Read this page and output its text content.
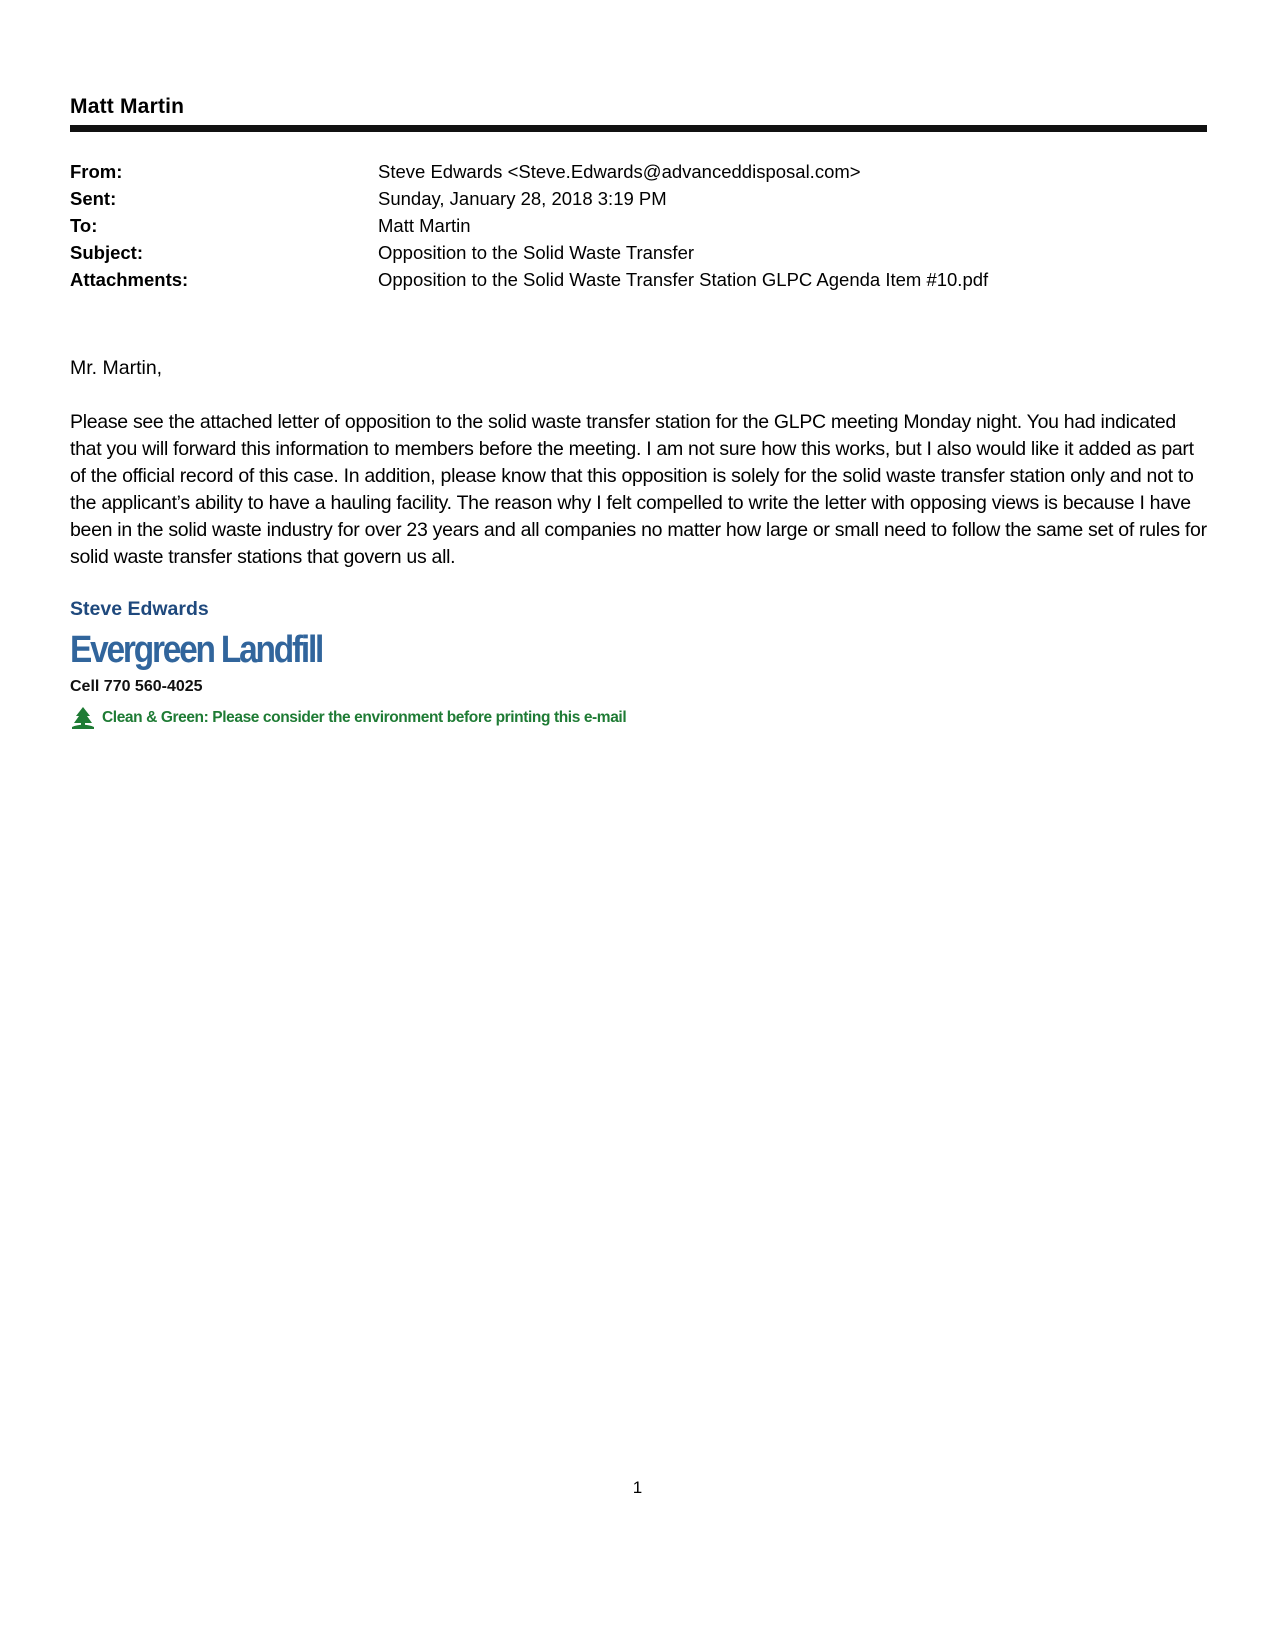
Matt Martin
From:	Steve Edwards <Steve.Edwards@advanceddisposal.com>
Sent:	Sunday, January 28, 2018 3:19 PM
To:	Matt Martin
Subject:	Opposition to the Solid Waste Transfer
Attachments:	Opposition to the Solid Waste Transfer Station GLPC Agenda Item #10.pdf
Mr. Martin,
Please see the attached letter of opposition to the solid waste transfer station for the GLPC meeting Monday night. You had indicated that you will forward this information to members before the meeting. I am not sure how this works, but I also would like it added as part of the official record of this case. In addition, please know that this opposition is solely for the solid waste transfer station only and not to the applicant’s ability to have a hauling facility. The reason why I felt compelled to write the letter with opposing views is because I have been in the solid waste industry for over 23 years and all companies no matter how large or small need to follow the same set of rules for solid waste transfer stations that govern us all.
Steve Edwards
Evergreen Landfill
Cell 770 560-4025
Clean & Green: Please consider the environment before printing this e-mail
1
